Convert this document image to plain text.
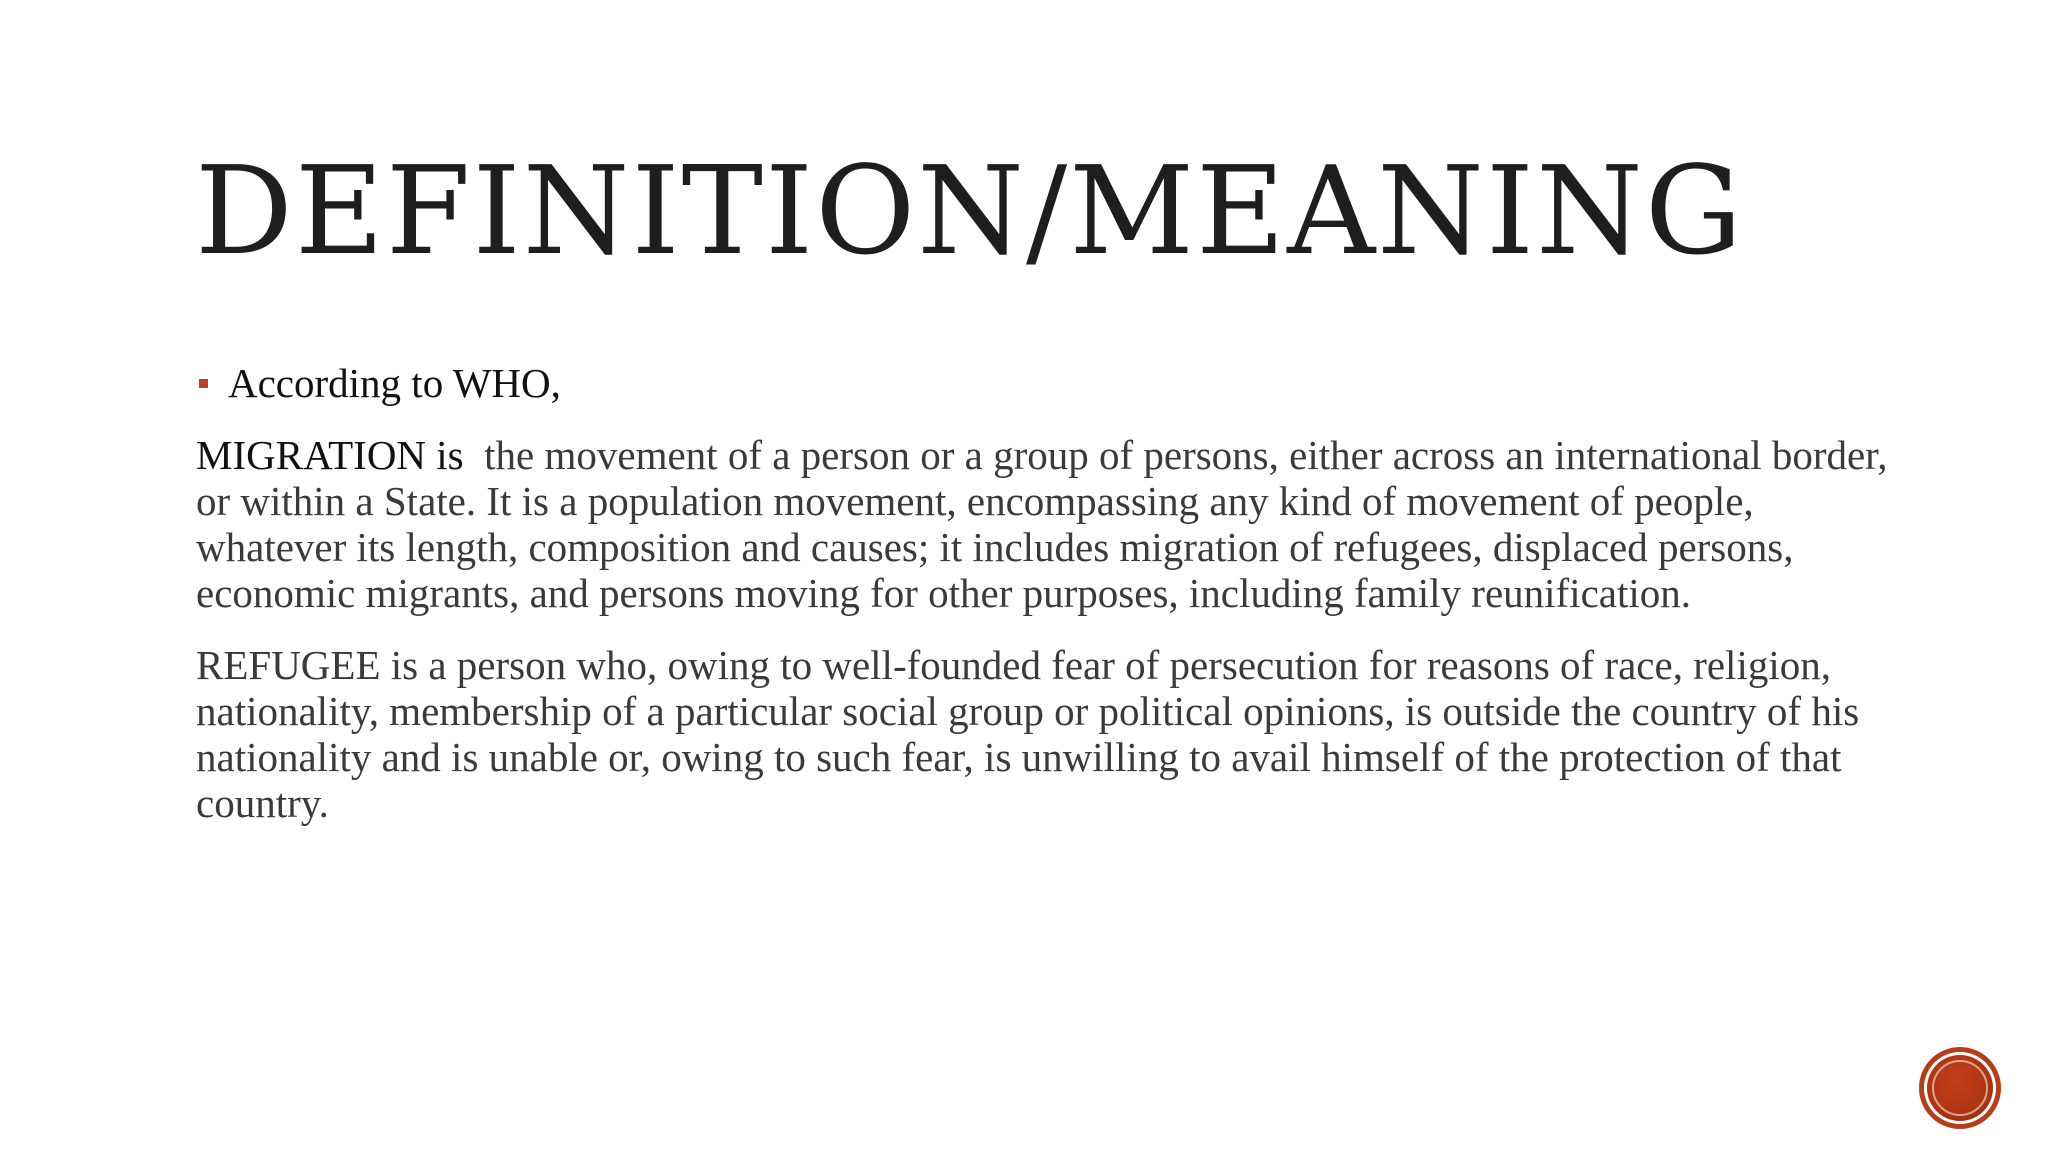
DEFINITION/MEANING

According to WHO,

MIGRATION is  the movement of a person or a group of persons, either across an international border, or within a State. It is a population movement, encompassing any kind of movement of people, whatever its length, composition and causes; it includes migration of refugees, displaced persons, economic migrants, and persons moving for other purposes, including family reunification.

REFUGEE is a person who, owing to well-founded fear of persecution for reasons of race, religion, nationality, membership of a particular social group or political opinions, is outside the country of his nationality and is unable or, owing to such fear, is unwilling to avail himself of the protection of that country.
